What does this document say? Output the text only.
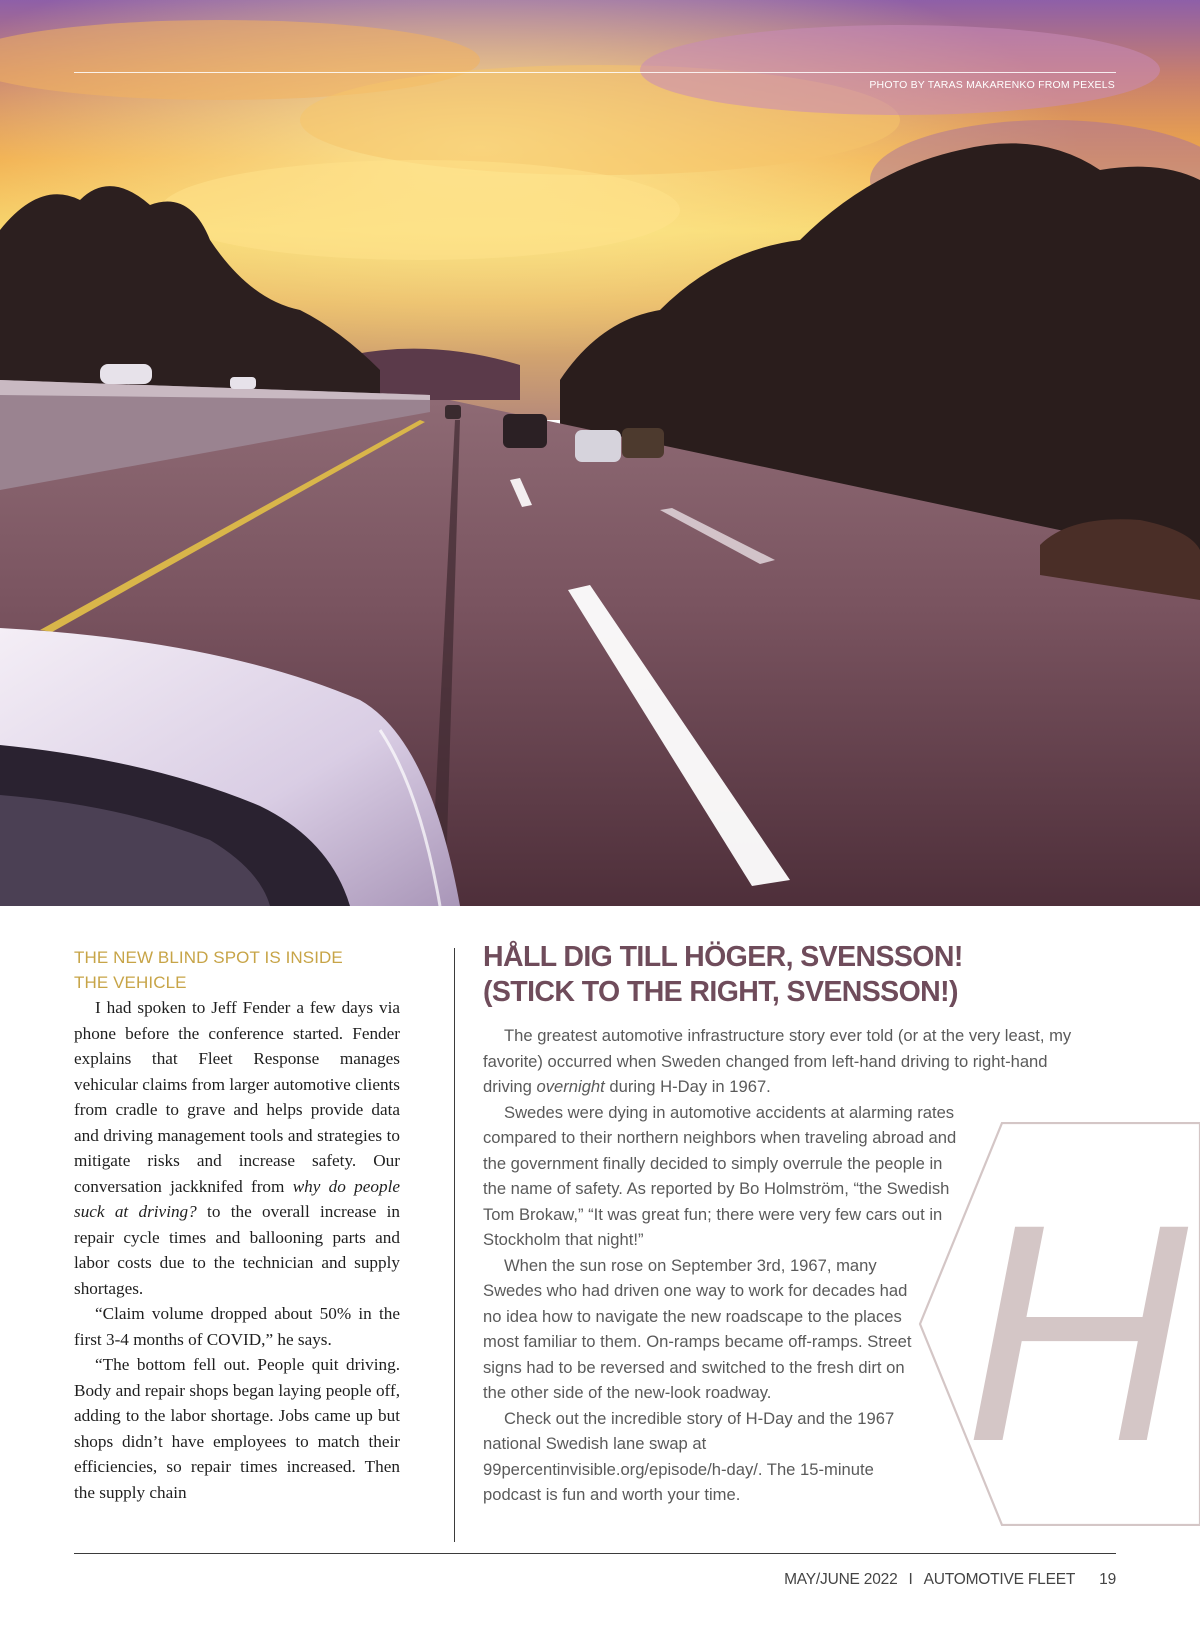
PHOTO BY TARAS MAKARENKO FROM PEXELS

THE NEW BLIND SPOT IS INSIDE
THE VEHICLE

I had spoken to Jeff Fender a few days via phone before the conference started. Fender explains that Fleet Response manages vehicular claims from larger automotive clients from cradle to grave and helps provide data and driving management tools and strategies to mitigate risks and increase safety. Our conversation jackknifed from why do people suck at driving? to the overall increase in repair cycle times and ballooning parts and labor costs due to the technician and supply shortages.

“Claim volume dropped about 50% in the first 3-4 months of COVID,” he says.

“The bottom fell out. People quit driving. Body and repair shops began laying people off, adding to the labor shortage. Jobs came up but shops didn’t have employees to match their efficiencies, so repair times increased. Then the supply chain	H

HÅLL DIG TILL HÖGER, SVENSSON!
(STICK TO THE RIGHT, SVENSSON!)

The greatest automotive infrastructure story ever told (or at the very least, my favorite) occurred when Sweden changed from left-hand driving to right-hand driving overnight during H-Day in 1967.

Swedes were dying in automotive accidents at alarming rates compared to their northern neighbors when traveling abroad and the government finally decided to simply overrule the people in the name of safety. As reported by Bo Holmström, “the Swedish Tom Brokaw,” “It was great fun; there were very few cars out in Stockholm that night!”

When the sun rose on September 3rd, 1967, many Swedes who had driven one way to work for decades had no idea how to navigate the new roadscape to the places most familiar to them. On-ramps became off-ramps. Street signs had to be reversed and switched to the fresh dirt on the other side of the new-look roadway.

Check out the incredible story of H-Day and the 1967 national Swedish lane swap at 99percentinvisible.org/episode/h-day/. The 15-minute podcast is fun and worth your time.

MAY/JUNE 2022 I AUTOMOTIVE FLEET 19
